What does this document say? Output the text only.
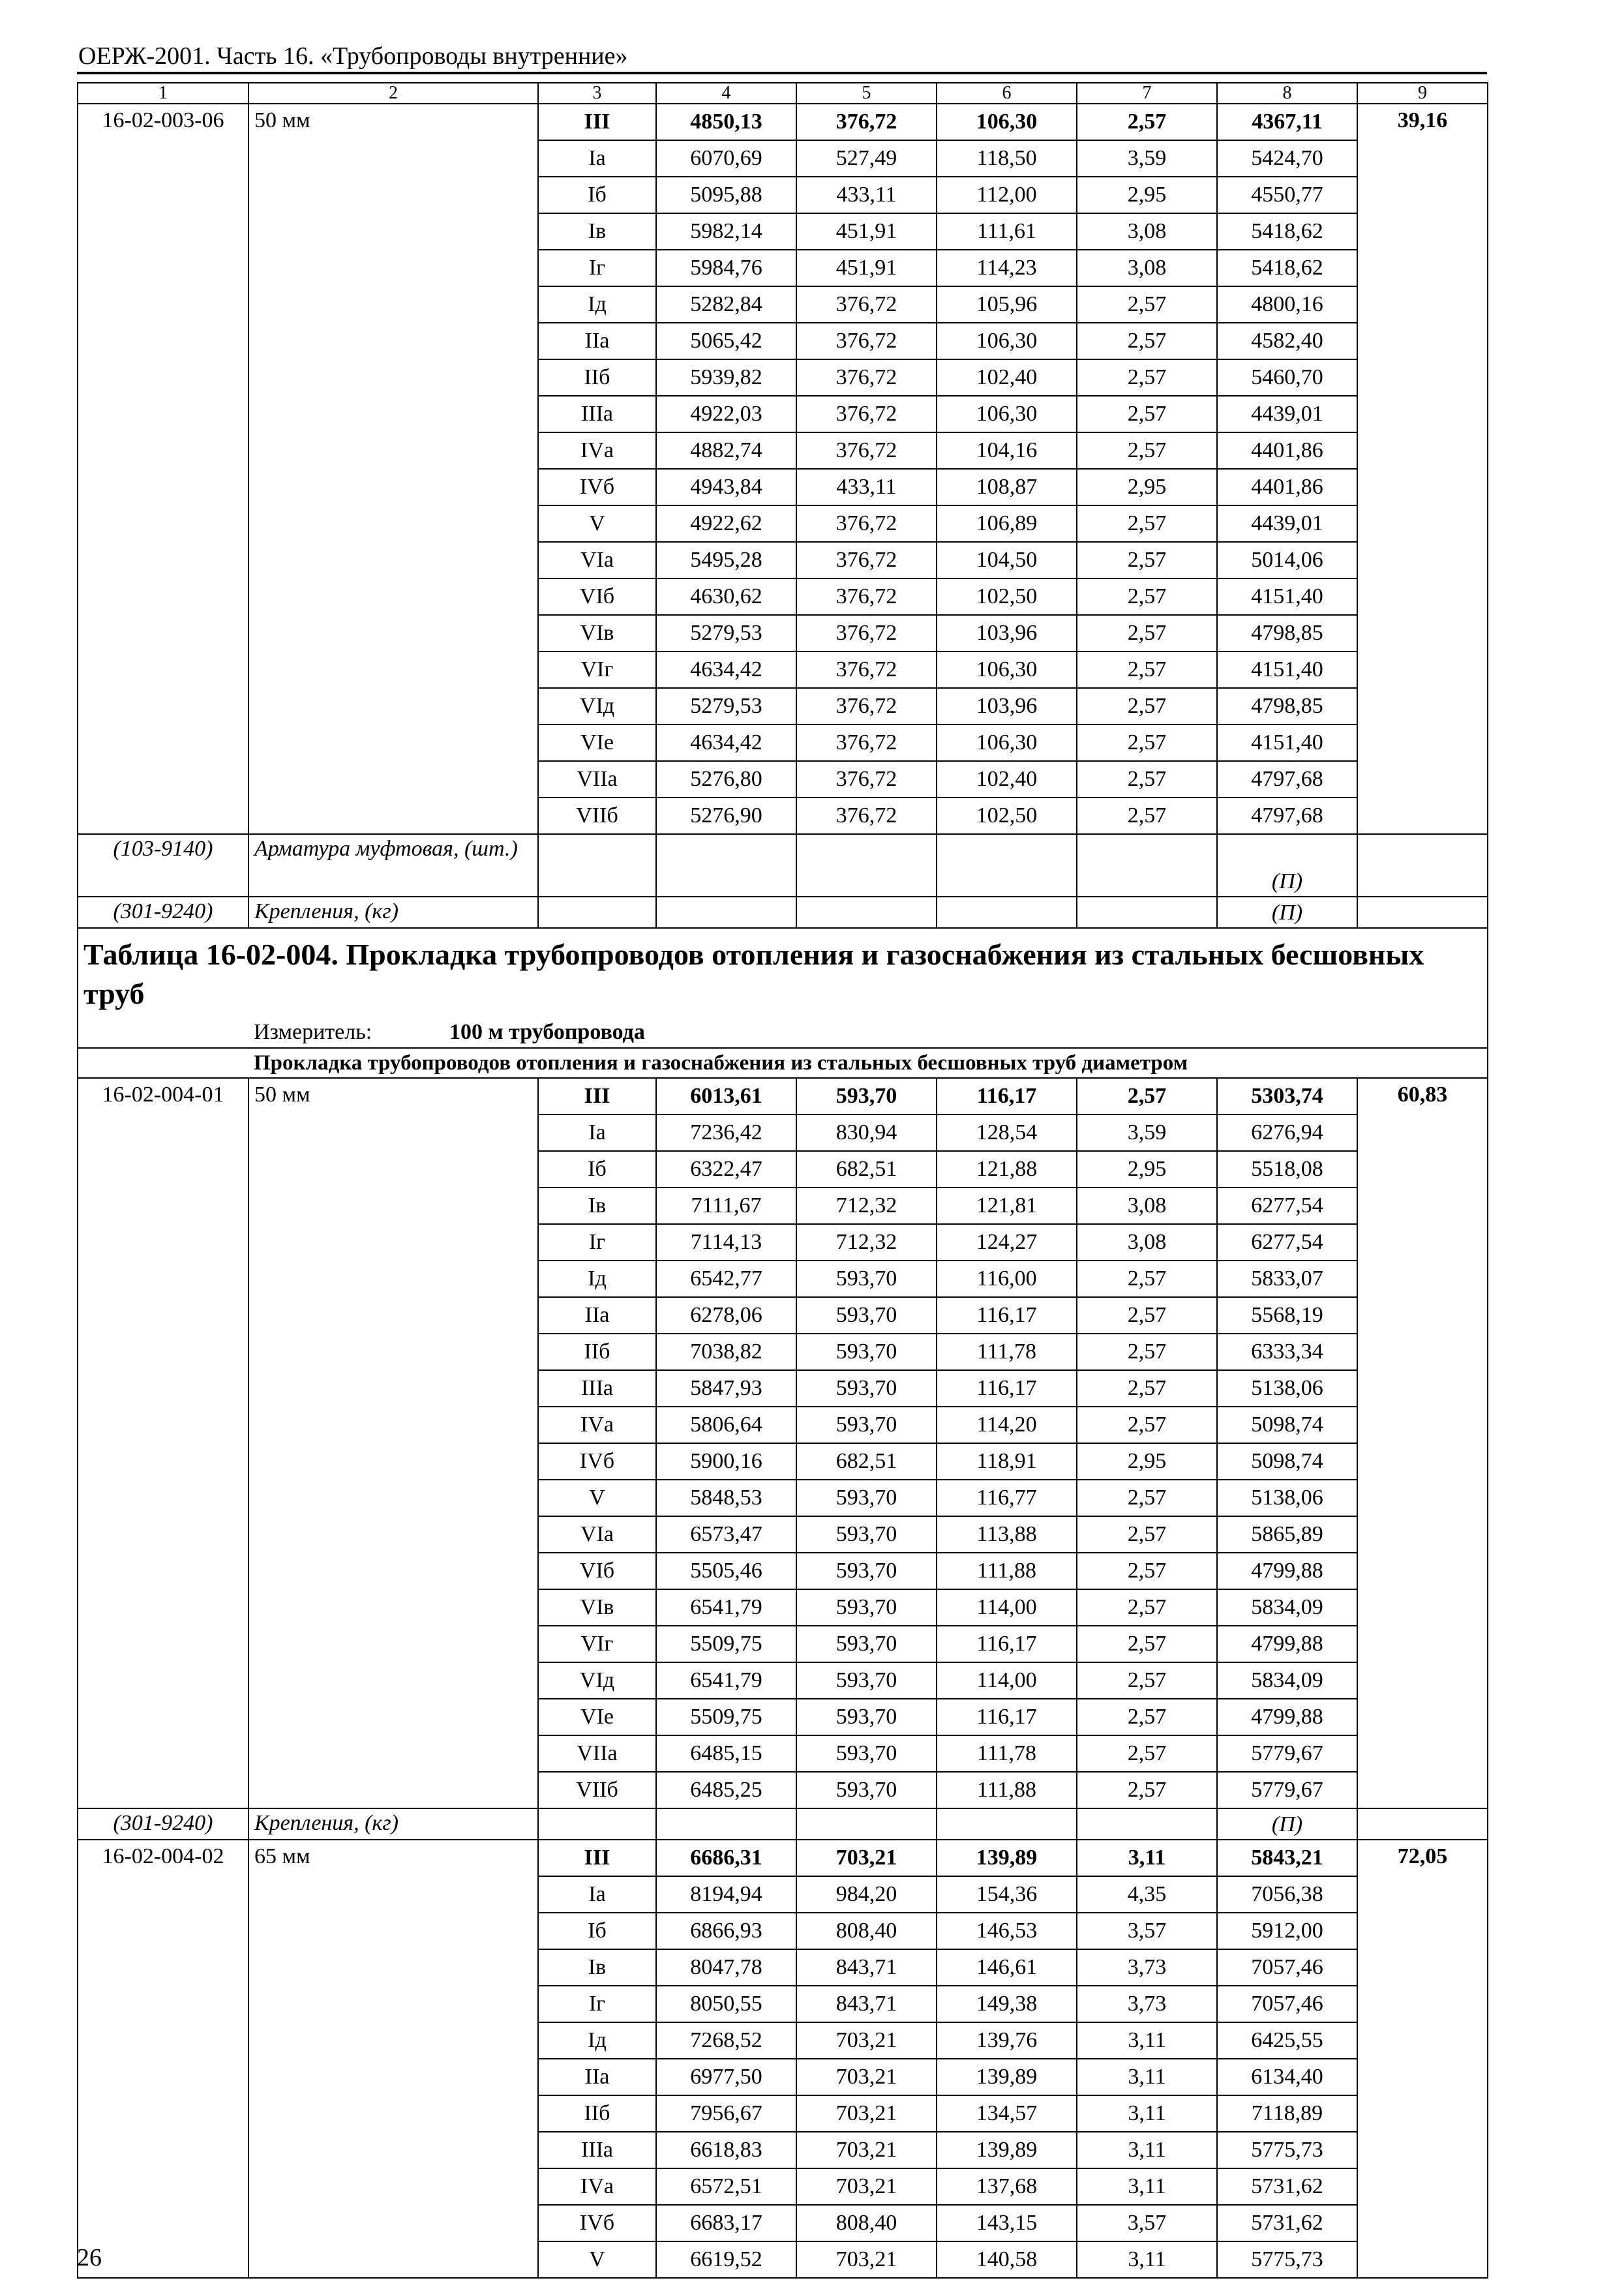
ОЕРЖ-2001. Часть 16. «Трубопроводы внутренние»
1	2	3	4	5	6	7	8	9
16-02-003-06	50 мм	III	4850,13	376,72	106,30	2,57	4367,11	39,16
		Iа	6070,69	527,49	118,50	3,59	5424,70	
		Iб	5095,88	433,11	112,00	2,95	4550,77	
		Iв	5982,14	451,91	111,61	3,08	5418,62	
		Iг	5984,76	451,91	114,23	3,08	5418,62	
		Iд	5282,84	376,72	105,96	2,57	4800,16	
		IIа	5065,42	376,72	106,30	2,57	4582,40	
		IIб	5939,82	376,72	102,40	2,57	5460,70	
		IIIа	4922,03	376,72	106,30	2,57	4439,01	
		IVа	4882,74	376,72	104,16	2,57	4401,86	
		IVб	4943,84	433,11	108,87	2,95	4401,86	
		V	4922,62	376,72	106,89	2,57	4439,01	
		VIа	5495,28	376,72	104,50	2,57	5014,06	
		VIб	4630,62	376,72	102,50	2,57	4151,40	
		VIв	5279,53	376,72	103,96	2,57	4798,85	
		VIг	4634,42	376,72	106,30	2,57	4151,40	
		VIд	5279,53	376,72	103,96	2,57	4798,85	
		VIе	4634,42	376,72	106,30	2,57	4151,40	
		VIIа	5276,80	376,72	102,40	2,57	4797,68	
		VIIб	5276,90	376,72	102,50	2,57	4797,68	
(103-9140)	Арматура муфтовая, (шт.)						(П)	
(301-9240)	Крепления, (кг)						(П)	
Таблица 16-02-004. Прокладка трубопроводов отопления и газоснабжения из стальных бесшовных труб								
	Измеритель: 100 м трубопровода							
	Прокладка трубопроводов отопления и газоснабжения из стальных бесшовных труб диаметром							
16-02-004-01	50 мм	III	6013,61	593,70	116,17	2,57	5303,74	60,83
		Iа	7236,42	830,94	128,54	3,59	6276,94	
		Iб	6322,47	682,51	121,88	2,95	5518,08	
		Iв	7111,67	712,32	121,81	3,08	6277,54	
		Iг	7114,13	712,32	124,27	3,08	6277,54	
		Iд	6542,77	593,70	116,00	2,57	5833,07	
		IIа	6278,06	593,70	116,17	2,57	5568,19	
		IIб	7038,82	593,70	111,78	2,57	6333,34	
		IIIа	5847,93	593,70	116,17	2,57	5138,06	
		IVа	5806,64	593,70	114,20	2,57	5098,74	
		IVб	5900,16	682,51	118,91	2,95	5098,74	
		V	5848,53	593,70	116,77	2,57	5138,06	
		VIа	6573,47	593,70	113,88	2,57	5865,89	
		VIб	5505,46	593,70	111,88	2,57	4799,88	
		VIв	6541,79	593,70	114,00	2,57	5834,09	
		VIг	5509,75	593,70	116,17	2,57	4799,88	
		VIд	6541,79	593,70	114,00	2,57	5834,09	
		VIе	5509,75	593,70	116,17	2,57	4799,88	
		VIIа	6485,15	593,70	111,78	2,57	5779,67	
		VIIб	6485,25	593,70	111,88	2,57	5779,67	
(301-9240)	Крепления, (кг)						(П)	
16-02-004-02	65 мм	III	6686,31	703,21	139,89	3,11	5843,21	72,05
		Iа	8194,94	984,20	154,36	4,35	7056,38	
		Iб	6866,93	808,40	146,53	3,57	5912,00	
		Iв	8047,78	843,71	146,61	3,73	7057,46	
		Iг	8050,55	843,71	149,38	3,73	7057,46	
		Iд	7268,52	703,21	139,76	3,11	6425,55	
		IIа	6977,50	703,21	139,89	3,11	6134,40	
		IIб	7956,67	703,21	134,57	3,11	7118,89	
		IIIа	6618,83	703,21	139,89	3,11	5775,73	
		IVа	6572,51	703,21	137,68	3,11	5731,62	
		IVб	6683,17	808,40	143,15	3,57	5731,62	
		V	6619,52	703,21	140,58	3,11	5775,73	
26
